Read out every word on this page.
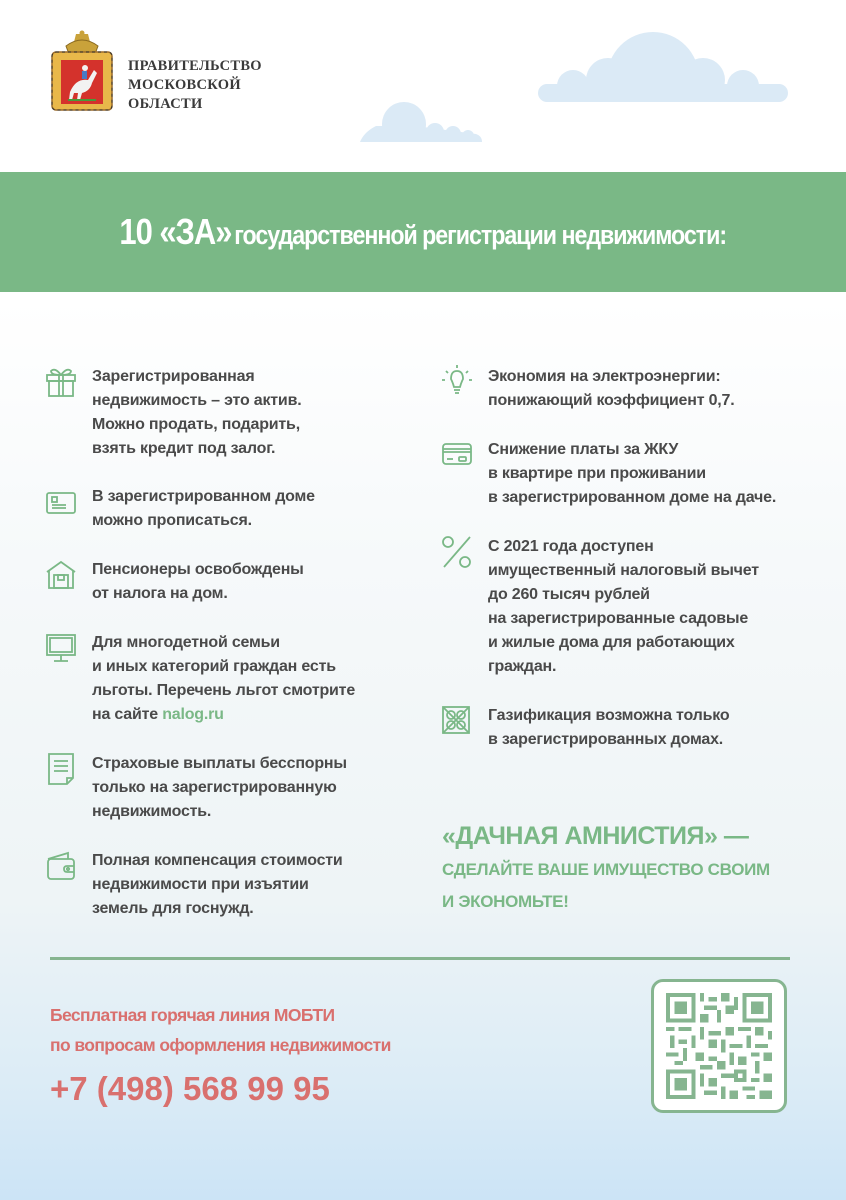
ПРАВИТЕЛЬСТВО
МОСКОВСКОЙ
ОБЛАСТИ
10 «ЗА» государственной регистрации недвижимости:
Зарегистрированная
недвижимость – это актив.
Можно продать, подарить,
взять кредит под залог.
В зарегистрированном доме
можно прописаться.
Пенсионеры освобождены
от налога на дом.
Для многодетной семьи
и иных категорий граждан есть
льготы. Перечень льгот смотрите
на сайте nalog.ru
Страховые выплаты бесспорны
только на зарегистрированную
недвижимость.
Полная компенсация стоимости
недвижимости при изъятии
земель для госнужд.
Экономия на электроэнергии:
понижающий коэффициент 0,7.
Снижение платы за ЖКУ
в квартире при проживании
в зарегистрированном доме на даче.
С 2021 года доступен
имущественный налоговый вычет
до 260 тысяч рублей
на зарегистрированные садовые
и жилые дома для работающих
граждан.
Газификация возможна только
в зарегистрированных домах.
«ДАЧНАЯ АМНИСТИЯ» —
СДЕЛАЙТЕ ВАШЕ ИМУЩЕСТВО СВОИМ
И ЭКОНОМЬТЕ!
Бесплатная горячая линия МОБТИ
по вопросам оформления недвижимости
+7 (498) 568 99 95
